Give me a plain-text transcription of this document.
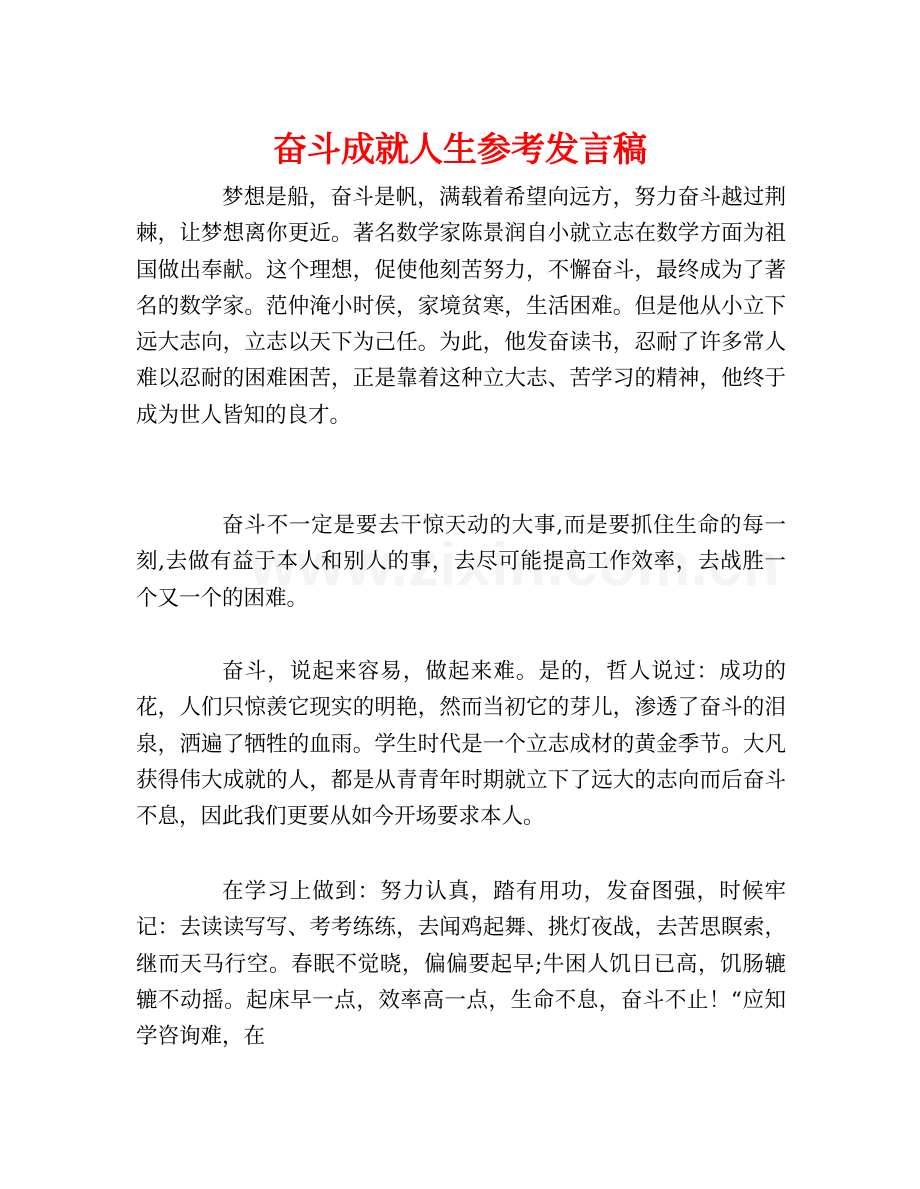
奋斗成就人生参考发言稿

梦想是船，奋斗是帆，满载着希望向远方，努力奋斗越过荆棘，让梦想离你更近。著名数学家陈景润自小就立志在数学方面为祖国做出奉献。这个理想，促使他刻苦努力，不懈奋斗，最终成为了著名的数学家。范仲淹小时侯，家境贫寒，生活困难。但是他从小立下远大志向，立志以天下为己任。为此，他发奋读书，忍耐了许多常人难以忍耐的困难困苦，正是靠着这种立大志、苦学习的精神，他终于成为世人皆知的良才。

奋斗不一定是要去干惊天动的大事,而是要抓住生命的每一刻,去做有益于本人和别人的事，去尽可能提高工作效率，去战胜一个又一个的困难。

奋斗，说起来容易，做起来难。是的，哲人说过：成功的花，人们只惊羡它现实的明艳，然而当初它的芽儿，渗透了奋斗的泪泉，洒遍了牺牲的血雨。学生时代是一个立志成材的黄金季节。大凡获得伟大成就的人，都是从青青年时期就立下了远大的志向而后奋斗不息，因此我们更要从如今开场要求本人。

在学习上做到：努力认真，踏有用功，发奋图强，时候牢记：去读读写写、考考练练，去闻鸡起舞、挑灯夜战，去苦思瞑索，继而天马行空。春眠不觉晓，偏偏要起早;牛困人饥日已高，饥肠辘辘不动摇。起床早一点，效率高一点，生命不息，奋斗不止！“应知学咨询难，在
